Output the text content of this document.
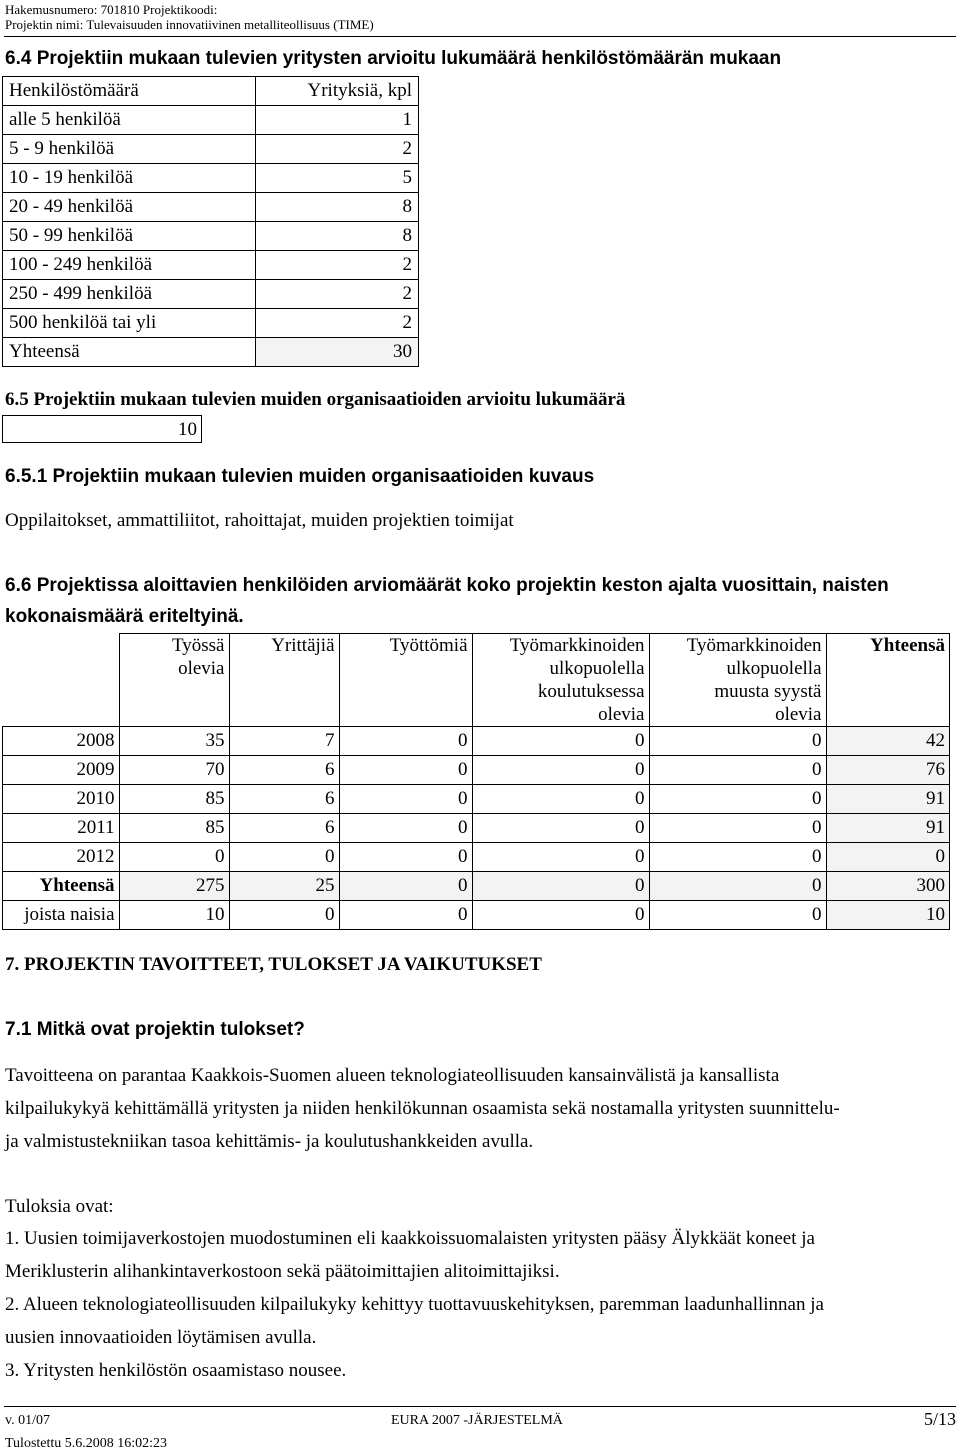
Hakemusnumero: 701810 Projektikoodi:
Projektin nimi: Tulevaisuuden innovatiivinen metalliteollisuus (TIME)
6.4 Projektiin mukaan tulevien yritysten arvioitu lukumäärä henkilöstömäärän mukaan
Henkilöstömäärä	Yrityksiä, kpl
alle 5 henkilöä	1
5 - 9 henkilöä	2
10 - 19 henkilöä	5
20 - 49 henkilöä	8
50 - 99 henkilöä	8
100 - 249 henkilöä	2
250 - 499 henkilöä	2
500 henkilöä tai yli	2
Yhteensä	30
6.5 Projektiin mukaan tulevien muiden organisaatioiden arvioitu lukumäärä
10
6.5.1 Projektiin mukaan tulevien muiden organisaatioiden kuvaus
Oppilaitokset, ammattiliitot, rahoittajat, muiden projektien toimijat
6.6 Projektissa aloittavien henkilöiden arviomäärät koko projektin keston ajalta vuosittain, naisten
kokonaismäärä eriteltyinä.
	Työssä
olevia	Yrittäjiä	Työttömiä	Työmarkkinoiden
ulkopuolella
koulutuksessa
olevia	Työmarkkinoiden
ulkopuolella
muusta syystä
olevia	Yhteensä
2008	35	7	0	0	0	42
2009	70	6	0	0	0	76
2010	85	6	0	0	0	91
2011	85	6	0	0	0	91
2012	0	0	0	0	0	0
Yhteensä	275	25	0	0	0	300
joista naisia	10	0	0	0	0	10
7. PROJEKTIN TAVOITTEET, TULOKSET JA VAIKUTUKSET
7.1 Mitkä ovat projektin tulokset?
Tavoitteena on parantaa Kaakkois-Suomen alueen teknologiateollisuuden kansainvälistä ja kansallista
kilpailukykyä kehittämällä yritysten ja niiden henkilökunnan osaamista sekä nostamalla yritysten suunnittelu-
ja valmistustekniikan tasoa kehittämis- ja koulutushankkeiden avulla.
Tuloksia ovat:
1. Uusien toimijaverkostojen muodostuminen eli kaakkoissuomalaisten yritysten pääsy Älykkäät koneet ja
Meriklusterin alihankintaverkostoon sekä päätoimittajien alitoimittajiksi.
2. Alueen teknologiateollisuuden kilpailukyky kehittyy tuottavuuskehityksen, paremman laadunhallinnan ja
uusien innovaatioiden löytämisen avulla.
3. Yritysten henkilöstön osaamistaso nousee.
v. 01/07	EURA 2007 -JÄRJESTELMÄ	5/13
Tulostettu 5.6.2008 16:02:23
